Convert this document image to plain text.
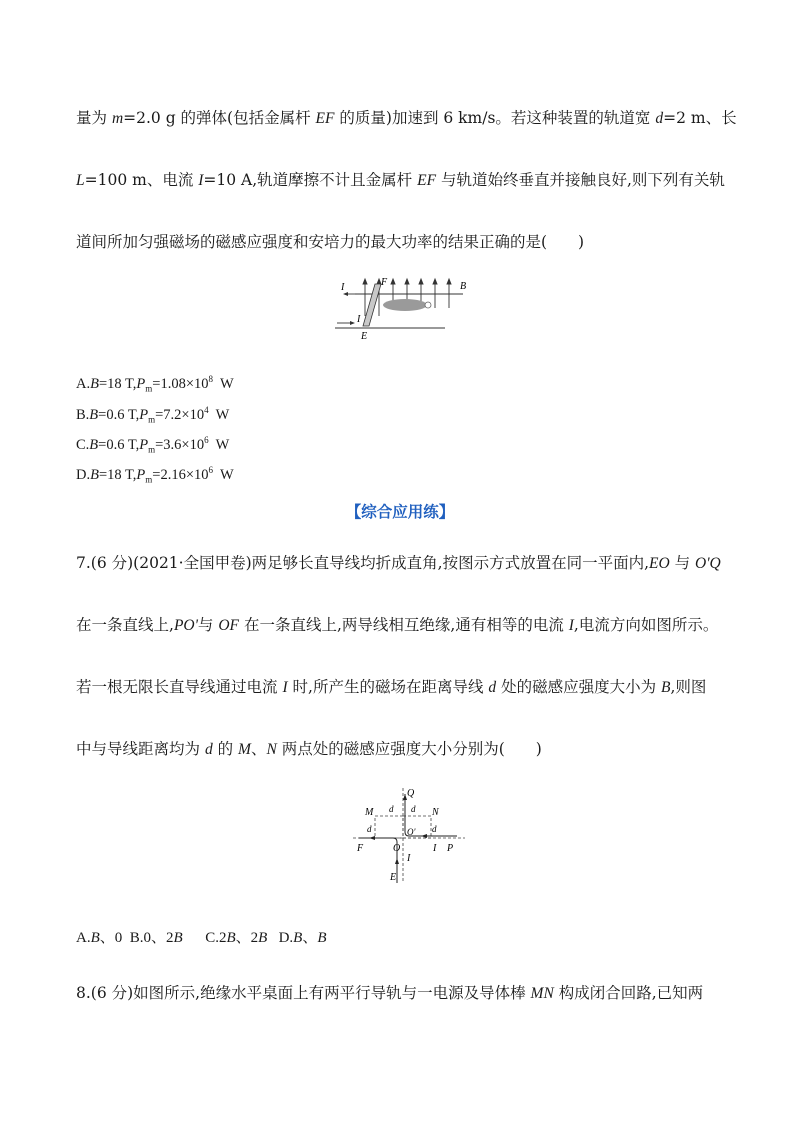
量为 m=2.0 g 的弹体(包括金属杆 EF 的质量)加速到 6 km/s。若这种装置的轨道宽 d=2 m、长
L=100 m、电流 I=10 A,轨道摩擦不计且金属杆 EF 与轨道始终垂直并接触良好,则下列有关轨
道间所加匀强磁场的磁感应强度和安培力的最大功率的结果正确的是(　　)
I	F	B
I
E
A.B=18 $T,P_m=1.08\times 10^8$  W
B.B=0.6 $T,P_m=7.2\times 10^4$  W
C.B=0.6 $T,P_m=3.6\times 10^6$  W
D.B=18 $T,P_m=2.16\times 10^6$  W
【综合应用练】
7.(6 分)(2021·全国甲卷)两足够长直导线均折成直角,按图示方式放置在同一平面内,EO 与 O'Q
在一条直线上,PO'与 OF 在一条直线上,两导线相互绝缘,通有相等的电流 I,电流方向如图所示。
若一根无限长直导线通过电流 I 时,所产生的磁场在距离导线 d 处的磁感应强度大小为 B,则图
中与导线距离均为 d 的 M、N 两点处的磁感应强度大小分别为(　　)
Q
M d d N
d	d
O'
F	O	I P
I
E
A.B、0  B.0、2B      C.2B、2B   D.B、B
8.(6 分)如图所示,绝缘水平桌面上有两平行导轨与一电源及导体棒 MN 构成闭合回路,已知两
